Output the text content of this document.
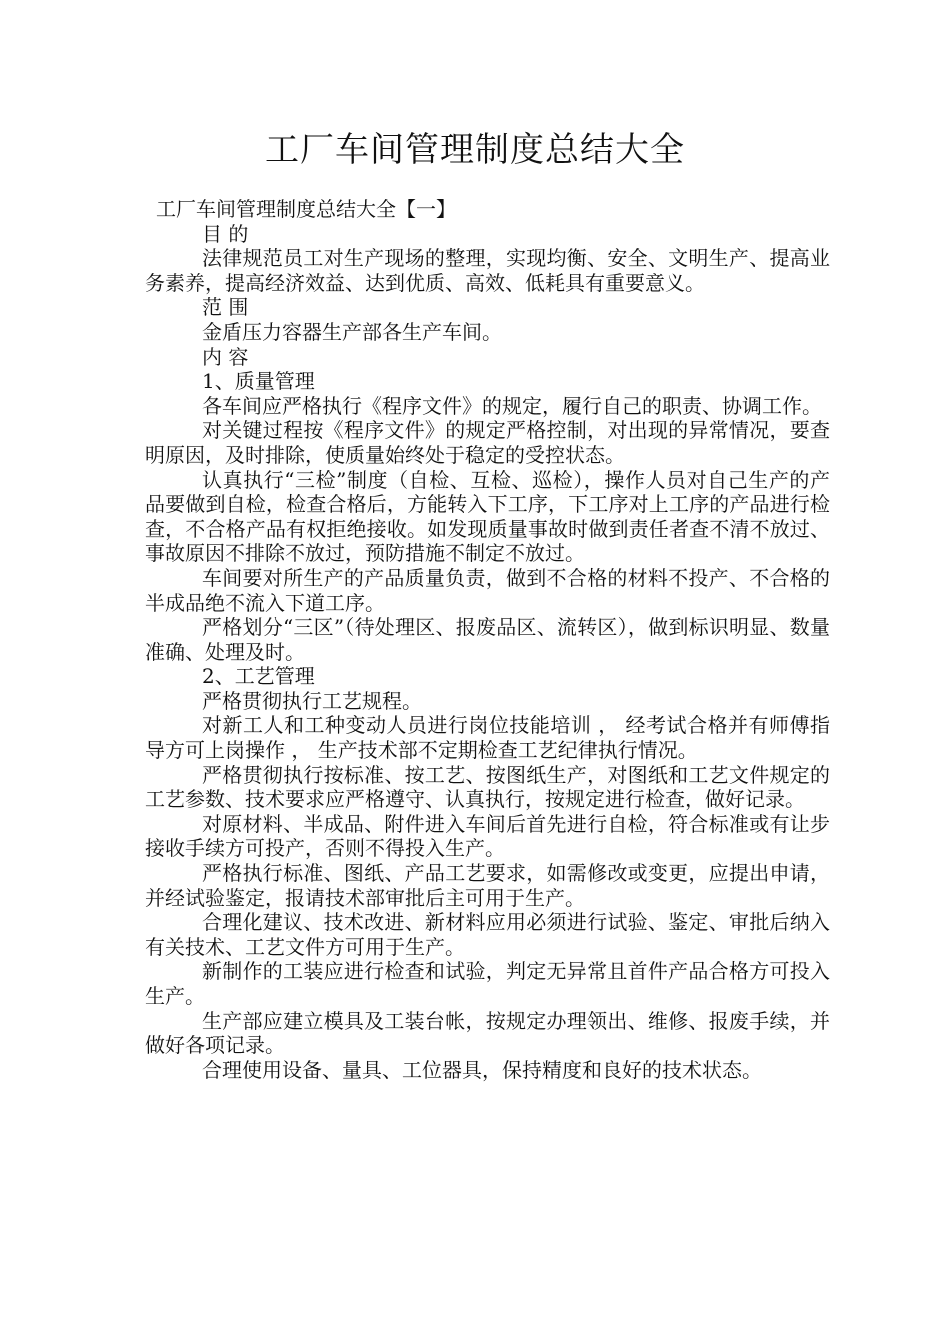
工厂车间管理制度总结大全

工厂车间管理制度总结大全【一】

目 的

法律规范员工对生产现场的整理，实现均衡、安全、文明生产、提高业务素养，提高经济效益、达到优质、高效、低耗具有重要意义。

范 围

金盾压力容器生产部各生产车间。

内 容

1、质量管理

各车间应严格执行《程序文件》的规定，履行自己的职责、协调工作。

对关键过程按《程序文件》的规定严格控制，对出现的异常情况，要查明原因，及时排除，使质量始终处于稳定的受控状态。

认真执行“三检”制度（自检、互检、巡检），操作人员对自己生产的产品要做到自检，检查合格后，方能转入下工序，下工序对上工序的产品进行检查，不合格产品有权拒绝接收。如发现质量事故时做到责任者查不清不放过、事故原因不排除不放过，预防措施不制定不放过。

车间要对所生产的产品质量负责，做到不合格的材料不投产、不合格的半成品绝不流入下道工序。

严格划分“三区”（待处理区、报废品区、流转区），做到标识明显、数量准确、处理及时。

2、工艺管理

严格贯彻执行工艺规程。

对新工人和工种变动人员进行岗位技能培训 ， 经考试合格并有师傅指导方可上岗操作 ， 生产技术部不定期检查工艺纪律执行情况。

严格贯彻执行按标准、按工艺、按图纸生产，对图纸和工艺文件规定的工艺参数、技术要求应严格遵守、认真执行，按规定进行检查，做好记录。

对原材料、半成品、附件进入车间后首先进行自检，符合标准或有让步接收手续方可投产，否则不得投入生产。

严格执行标准、图纸、产品工艺要求，如需修改或变更，应提出申请，并经试验鉴定，报请技术部审批后主可用于生产。

合理化建议、技术改进、新材料应用必须进行试验、鉴定、审批后纳入有关技术、工艺文件方可用于生产。

新制作的工装应进行检查和试验，判定无异常且首件产品合格方可投入生产。

生产部应建立模具及工装台帐，按规定办理领出、维修、报废手续，并做好各项记录。

合理使用设备、量具、工位器具，保持精度和良好的技术状态。
